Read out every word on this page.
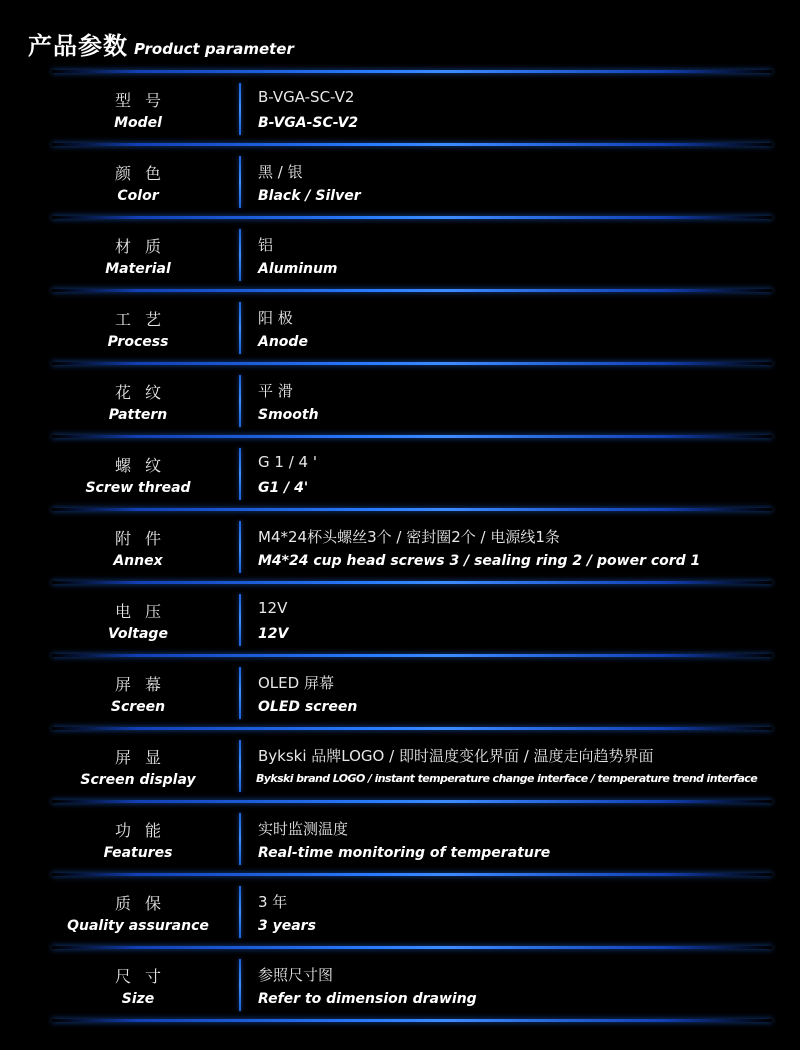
产品参数 Product parameter
型号
Model
B-VGA-SC-V2
B-VGA-SC-V2
颜色
Color
黑 / 银
Black / Silver
材质
Material
铝
Aluminum
工艺
Process
阳 极
Anode
花纹
Pattern
平 滑
Smooth
螺纹
Screw thread
G 1 / 4 '
G1 / 4'
附件
Annex
M4*24杯头螺丝3个 / 密封圈2个 / 电源线1条
M4*24 cup head screws 3 / sealing ring 2 / power cord 1
电压
Voltage
12V
12V
屏幕
Screen
OLED 屏幕
OLED screen
屏显
Screen display
Bykski 品牌LOGO / 即时温度变化界面 / 温度走向趋势界面
Bykski brand LOGO / instant temperature change interface / temperature trend interface
功能
Features
实时监测温度
Real-time monitoring of temperature
质保
Quality assurance
3 年
3 years
尺寸
Size
参照尺寸图
Refer to dimension drawing
